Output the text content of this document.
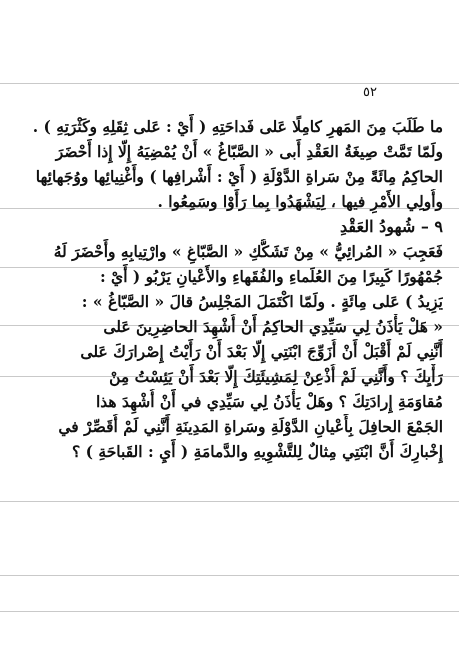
٥٢
ما طَلَبَ مِنَ المَهرِ كامِلًا عَلى فَداحَتِهِ ( أَيْ : عَلى ثِقَلِهِ وكَثْرَتِهِ ) .
ولَمّا تَمَّتْ صِيغَةُ العَقْدِ أَبى « الصَّبّاغُ » أَنْ يُمْضِيَهُ إِلّا إِذا أَحْضَرَ
الحاكِمُ مِائَةً مِنْ سَراةِ الدَّوْلَةِ ( أَيْ : أَشْرافِها ) وأَغْنِيائِها ووُجَهائِها
وأُولِي الأَمْرِ فيها ، لِيَشْهَدُوا بِما رَأَوْا وسَمِعُوا .
٩ – شُهودُ العَقْدِ
فَعَجِبَ « المُرائِيُّ » مِنْ تَشَكُّكِ « الصَّبّاغِ » وارْتِيابِهِ وأَحْضَرَ لَهُ
جُمْهُورًا كَبِيرًا مِنَ العُلَماءِ والفُقَهاءِ والأَعْيانِ يَرْبُو ( أَيْ :
يَزِيدُ ) عَلى مِائَةٍ . ولَمّا اكْتَمَلَ المَجْلِسُ قالَ « الصَّبّاغُ » :
« هَلْ يَأْذَنُ لِي سَيِّدِي الحاكِمُ أَنْ أُشْهِدَ الحاضِرِينَ عَلى
أَنَّنِي لَمْ أَقْبَلْ أَنْ أُزَوِّجَ ابْنَتِي إِلّا بَعْدَ أَنْ رَأَيْتُ إِصْرارَكَ عَلى
رَأْيِكَ ؟ وأَنَّنِي لَمْ أُذْعِنْ لِمَشِيئَتِكَ إِلّا بَعْدَ أَنْ يَئِسْتُ مِنْ
مُقاوَمَةِ إِرادَتِكَ ؟ وهَلْ يَأْذَنُ لِي سَيِّدِي في أَنْ أُشْهِدَ هذا
الجَمْعَ الحافِلَ بِأَعْيانِ الدَّوْلَةِ وسَراةِ المَدِينَةِ أَنَّنِي لَمْ أُقَصِّرْ في
إِخْبارِكَ أَنَّ ابْنَتِي مِثالٌ لِلتَّشْوِيهِ والدَّمامَةِ ( أَيِ : القَباحَةِ ) ؟
